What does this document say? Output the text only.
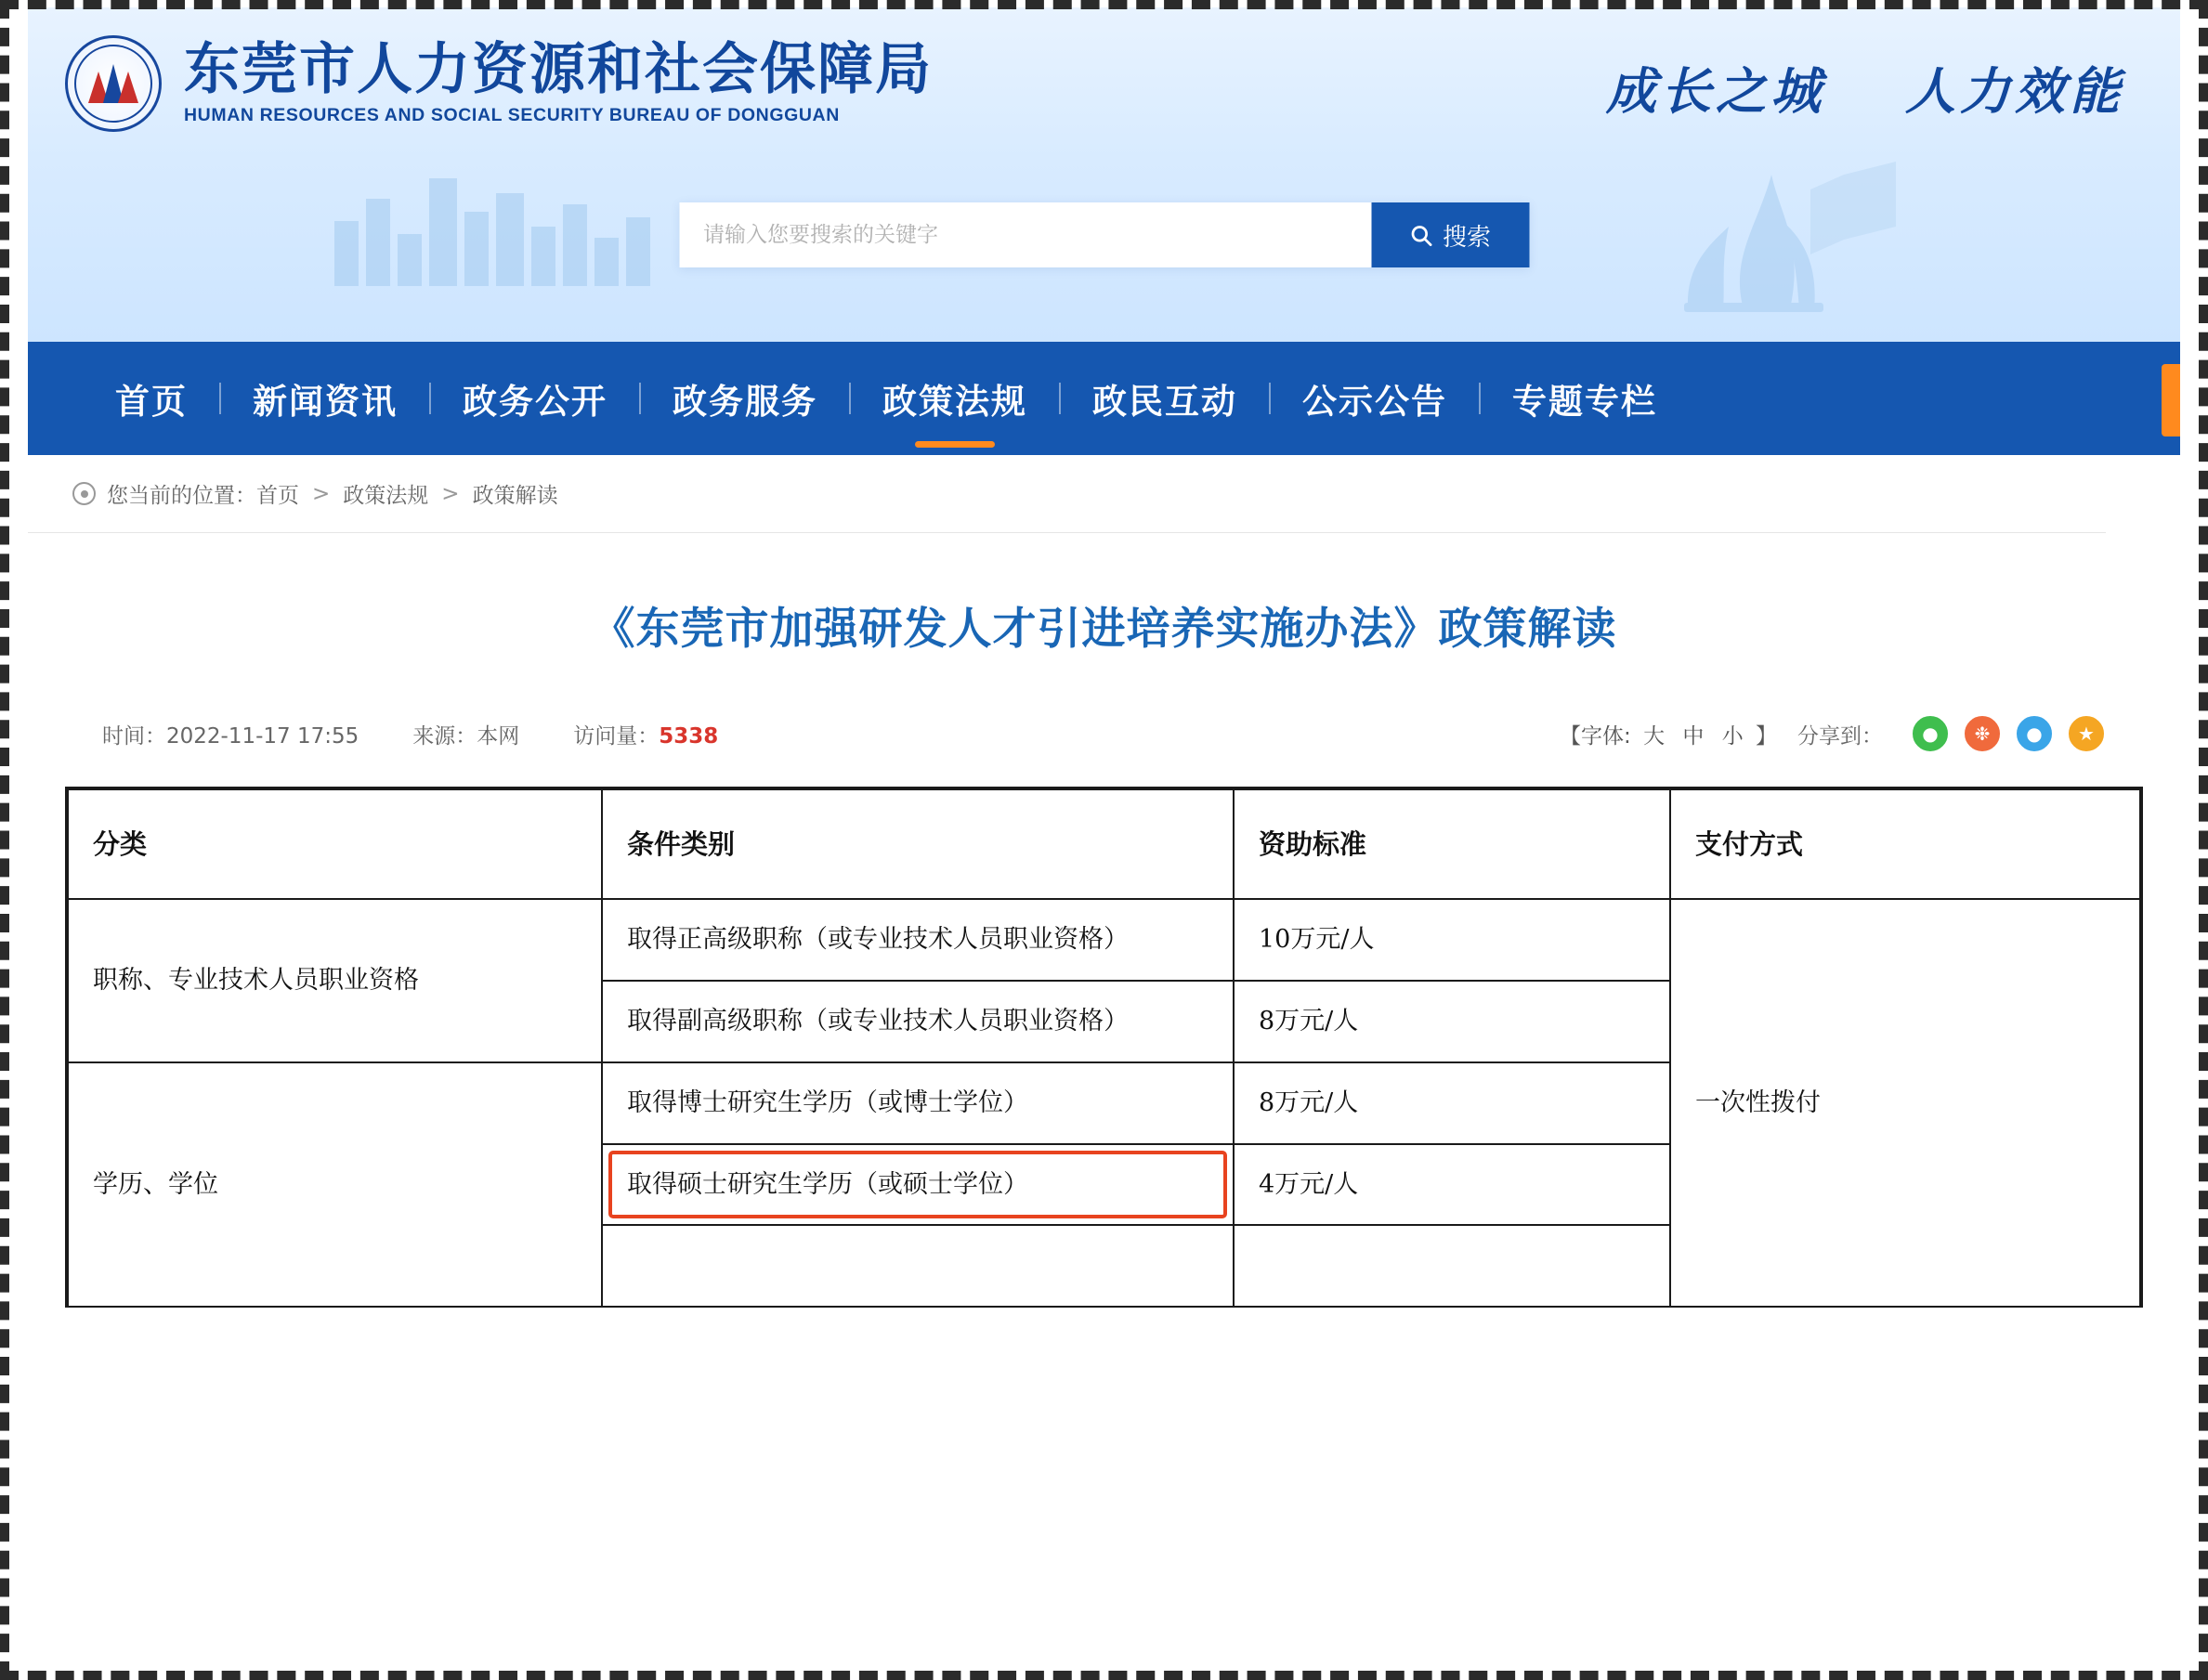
东莞市人力资源和社会保障局
HUMAN RESOURCES AND SOCIAL SECURITY BUREAU OF DONGGUAN	成长之城 人力效能
请输入您要搜索的关键字
搜索
首页	新闻资讯	政务公开	政务服务	政策法规	政民互动	公示公告	专题专栏
您当前的位置： 首页 > 政策法规 > 政策解读
《东莞市加强研发人才引进培养实施办法》政策解读
时间：2022-11-17 17:55	来源：本网	访问量：5338	【字体: 大 中 小 】 分享到：	●	❉	●	★
分类	条件类别	资助标准	支付方式
职称、专业技术人员职业资格	取得正高级职称（或专业技术人员职业资格）	10万元/人	一次性拨付
	取得副高级职称（或专业技术人员职业资格）	8万元/人	
学历、学位	取得博士研究生学历（或博士学位）	8万元/人	
	取得硕士研究生学历（或硕士学位）	4万元/人	
